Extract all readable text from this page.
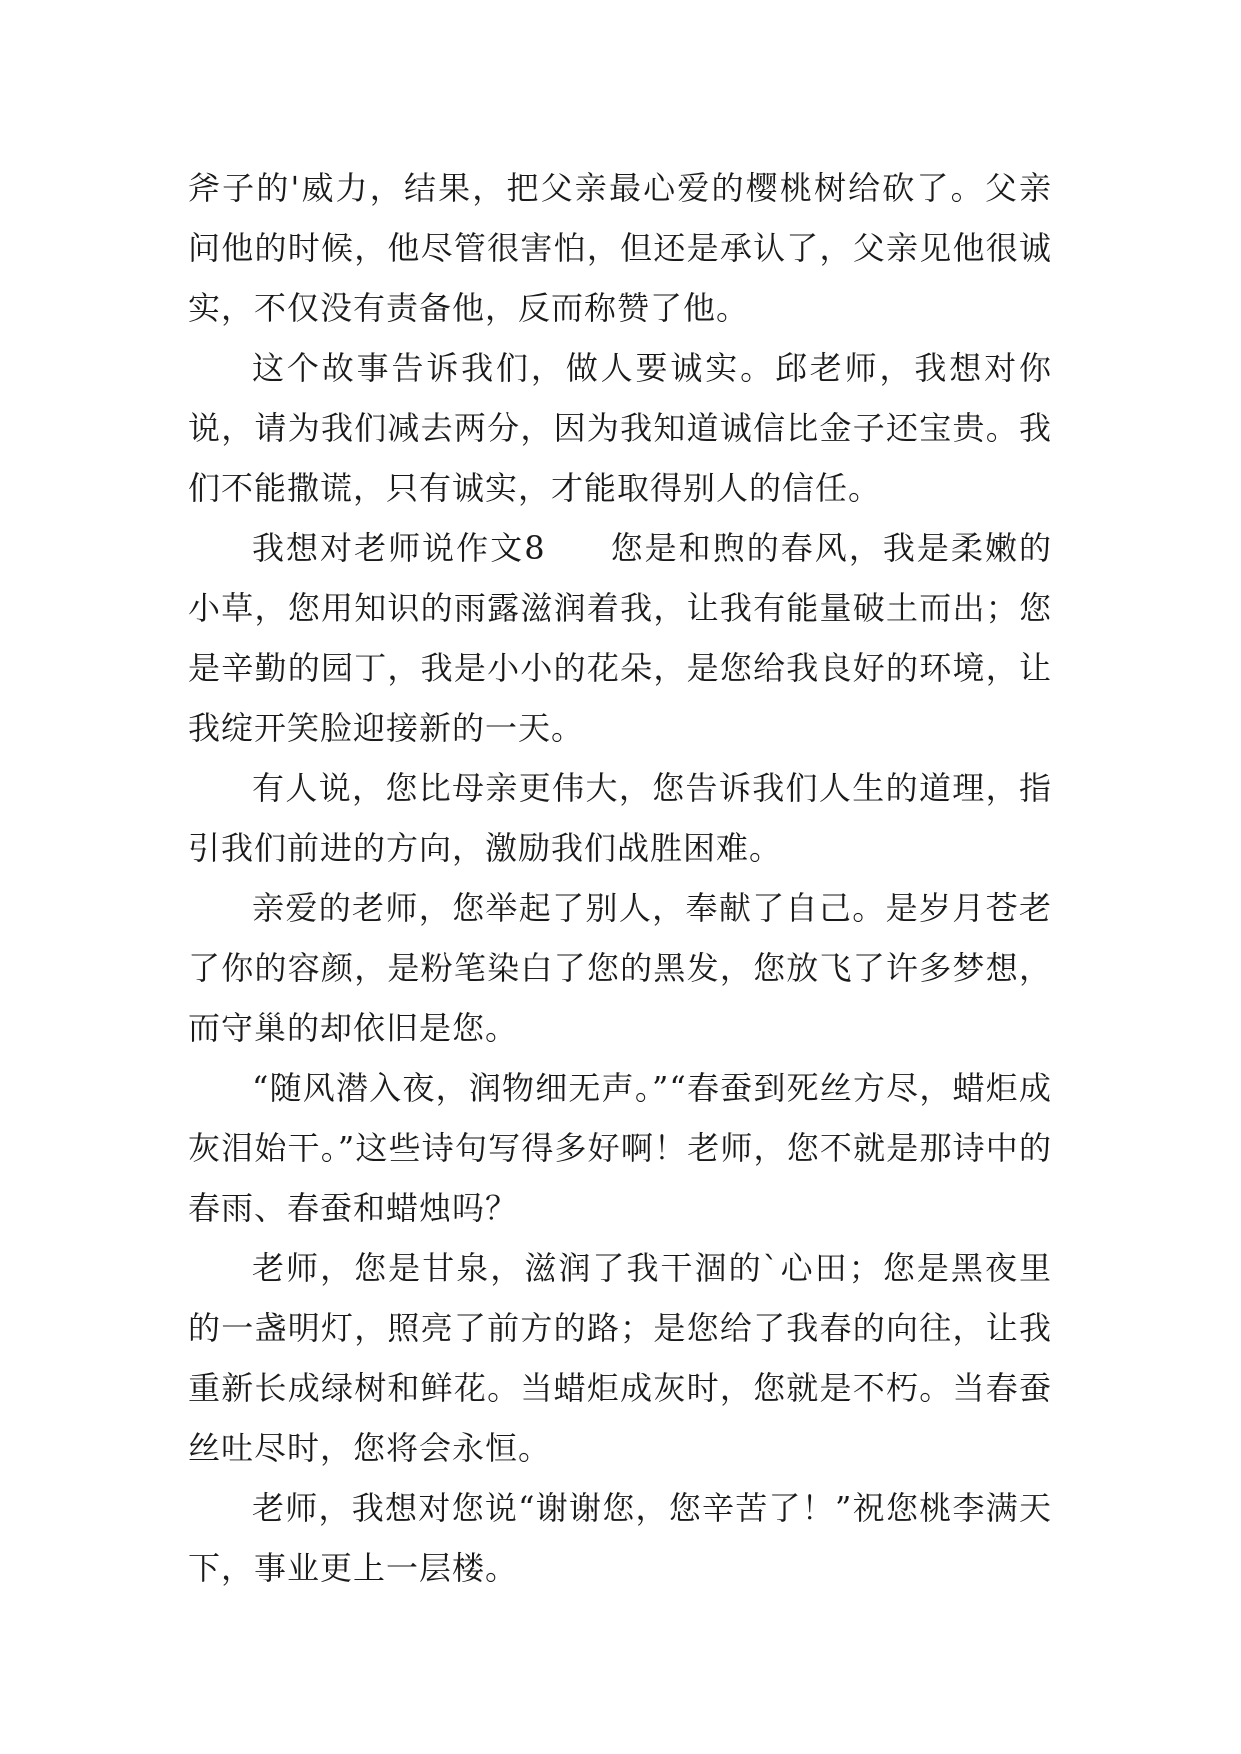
斧子的'威力，结果，把父亲最心爱的樱桃树给砍了。父亲问他的时候，他尽管很害怕，但还是承认了，父亲见他很诚实，不仅没有责备他，反而称赞了他。

这个故事告诉我们，做人要诚实。邱老师，我想对你说，请为我们减去两分，因为我知道诚信比金子还宝贵。我们不能撒谎，只有诚实，才能取得别人的信任。

我想对老师说作文8 您是和煦的春风，我是柔嫩的小草，您用知识的雨露滋润着我，让我有能量破土而出；您是辛勤的园丁，我是小小的花朵，是您给我良好的环境，让我绽开笑脸迎接新的一天。

有人说，您比母亲更伟大，您告诉我们人生的道理，指引我们前进的方向，激励我们战胜困难。

亲爱的老师，您举起了别人，奉献了自己。是岁月苍老了你的容颜，是粉笔染白了您的黑发，您放飞了许多梦想，而守巢的却依旧是您。

“随风潜入夜，润物细无声。”“春蚕到死丝方尽，蜡炬成灰泪始干。”这些诗句写得多好啊！老师，您不就是那诗中的春雨、春蚕和蜡烛吗？

老师，您是甘泉，滋润了我干涸的`心田；您是黑夜里的一盏明灯，照亮了前方的路；是您给了我春的向往，让我重新长成绿树和鲜花。当蜡炬成灰时，您就是不朽。当春蚕丝吐尽时，您将会永恒。

老师，我想对您说“谢谢您，您辛苦了！”祝您桃李满天下，事业更上一层楼。
